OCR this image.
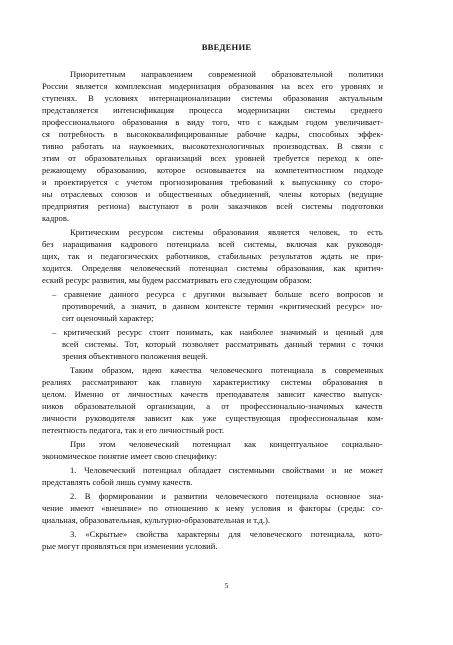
ВВЕДЕНИЕ
Приоритетным направлением современной образовательной политики
России является комплексная модернизация образования на всех его уровнях и
ступенях. В условиях интернационализации системы образования актуальным
представляется интенсификация процесса модернизации системы среднего
профессионального образования в виду того, что с каждым годом увеличивает-
ся потребность в высококвалифицированные рабочие кадры, способных эффек-
тивно работать на наукоемких, высокотехнологичных производствах. В связи с
этим от образовательных организаций всех уровней требуется переход к опе-
режающему образованию, которое основывается на компетентностном подходе
и проектируется с учетом прогнозирования требований к выпускнику со сторо-
ны отраслевых союзов и общественных объединений, члены которых (ведущие
предприятия региона) выступают в роли заказчиков всей системы подготовки
кадров.
Критическим ресурсом системы образования является человек, то есть
без наращивания кадрового потенциала всей системы, включая как руководя-
щих, так и педагогических работников, стабильных результатов ждать не при-
ходится. Определяя человеческий потенциал системы образования, как критич-
еский ресурс развития, мы будем рассматривать его следующим образом:
– сравнение данного ресурса с другими вызывает больше всего вопросов и
противоречий, а значит, в данном контексте термин «критический ресурс» но-
сит оценочный характер;
– критический ресурс стоит понимать, как наиболее значимый и ценный для
всей системы. Тот, который позволяет рассматривать данный термин с точки
зрения объективного положения вещей.
Таким образом, идею качества человеческого потенциала в современных
реалиях рассматривают как главную характеристику системы образования в
целом. Именно от личностных качеств преподавателя зависит качество выпуск-
ников образовательной организации, а от профессионально-значимых качеств
личности руководителя зависит как уже существующая профессиональная ком-
петентность педагога, так и его личностный рост.
При этом человеческий потенциал как концептуальное социально-
экономическое понятие имеет свою специфику:
1. Человеческий потенциал обладает системными свойствами и не может
представлять собой лишь сумму качеств.
2. В формировании и развитии человеческого потенциала основное зна-
чение имеют «внешние» по отношению к нему условия и факторы (среды: со-
циальная, образовательная, культурно-образовательная и т.д.).
3. «Скрытые» свойства характерны для человеческого потенциала, кото-
рые могут проявляться при изменении условий.
5
